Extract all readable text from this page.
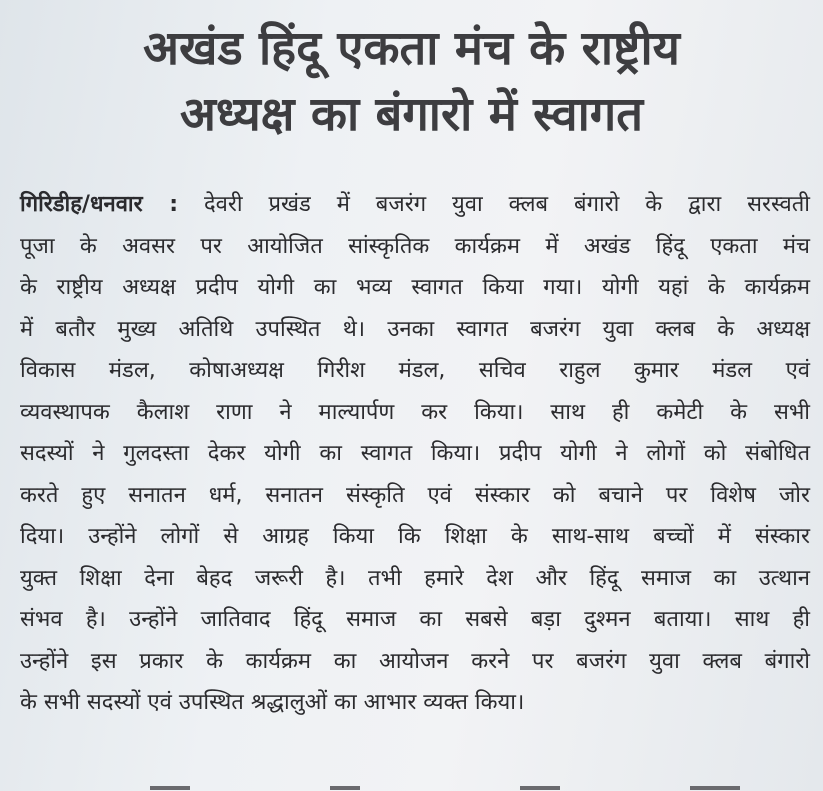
अखंड हिंदू एकता मंच के राष्ट्रीय
अध्यक्ष का बंगारो में स्वागत
गिरिडीह/धनवार : देवरी प्रखंड में बजरंग युवा क्लब बंगारो के द्वारा सरस्वती
पूजा के अवसर पर आयोजित सांस्कृतिक कार्यक्रम में अखंड हिंदू एकता मंच
के राष्ट्रीय अध्यक्ष प्रदीप योगी का भव्य स्वागत किया गया। योगी यहां के कार्यक्रम
में बतौर मुख्य अतिथि उपस्थित थे। उनका स्वागत बजरंग युवा क्लब के अध्यक्ष
विकास मंडल, कोषाअध्यक्ष गिरीश मंडल, सचिव राहुल कुमार मंडल एवं
व्यवस्थापक कैलाश राणा ने माल्यार्पण कर किया। साथ ही कमेटी के सभी
सदस्यों ने गुलदस्ता देकर योगी का स्वागत किया। प्रदीप योगी ने लोगों को संबोधित
करते हुए सनातन धर्म, सनातन संस्कृति एवं संस्कार को बचाने पर विशेष जोर
दिया। उन्होंने लोगों से आग्रह किया कि शिक्षा के साथ-साथ बच्चों में संस्कार
युक्त शिक्षा देना बेहद जरूरी है। तभी हमारे देश और हिंदू समाज का उत्थान
संभव है। उन्होंने जातिवाद हिंदू समाज का सबसे बड़ा दुश्मन बताया। साथ ही
उन्होंने इस प्रकार के कार्यक्रम का आयोजन करने पर बजरंग युवा क्लब बंगारो
के सभी सदस्यों एवं उपस्थित श्रद्धालुओं का आभार व्यक्त किया।
